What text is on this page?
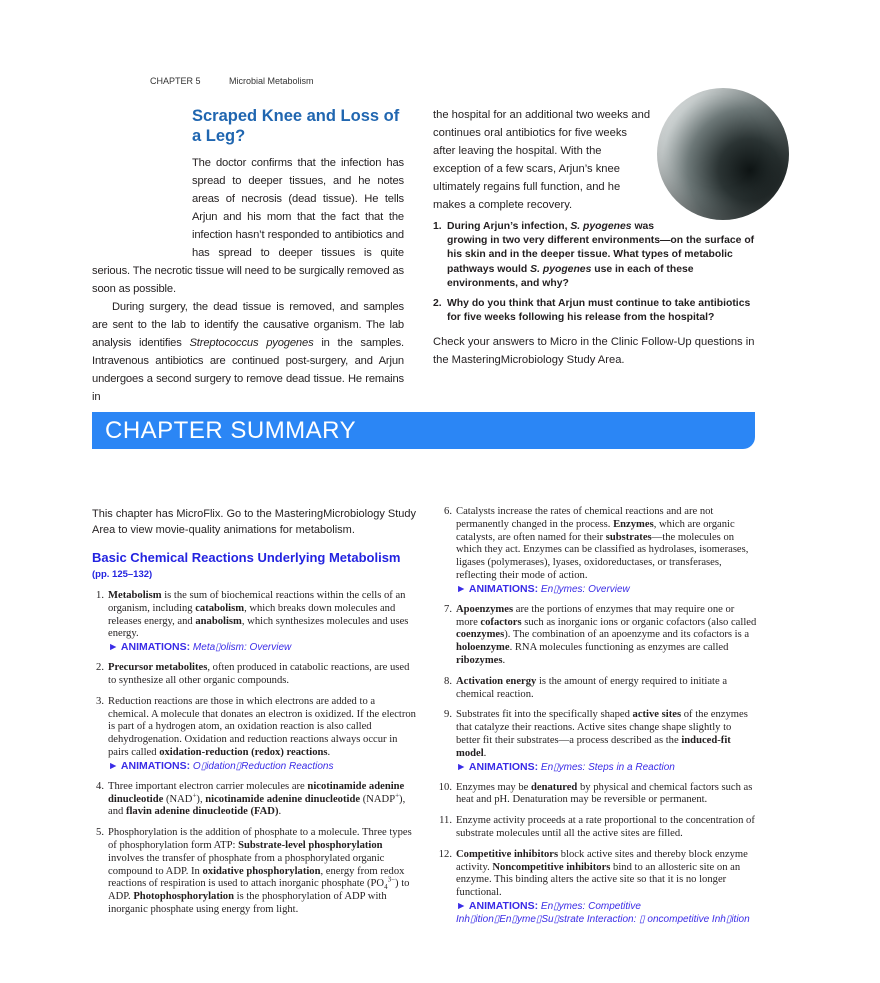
CHAPTER 5	Microbial Metabolism
Scraped Knee and Loss of a Leg?

The doctor confirms that the infection has spread to deeper tissues, and he notes areas of necrosis (dead tissue). He tells Arjun and his mom that the fact that the infection hasn’t responded to antibiotics and has spread to deeper tissues is quite serious. The necrotic tissue will need to be surgically removed as soon as possible.

During surgery, the dead tissue is removed, and samples are sent to the lab to identify the causative organism. The lab analysis identifies Streptococcus pyogenes in the samples. Intravenous antibiotics are continued post-surgery, and Arjun undergoes a second surgery to remove dead tissue. He remains in

the hospital for an additional two weeks and continues oral antibiotics for five weeks after leaving the hospital. With the exception of a few scars, Arjun’s knee ultimately regains full function, and he makes a complete recovery.

1. During Arjun’s infection, S. pyogenes was growing in two very different environments—on the surface of his skin and in the deeper tissue. What types of metabolic pathways would S. pyogenes use in each of these environments, and why?
2. Why do you think that Arjun must continue to take antibiotics for five weeks following his release from the hospital?

Check your answers to Micro in the Clinic Follow-Up questions in the MasteringMicrobiology Study Area.

CHAPTER SUMMARY

This chapter has MicroFlix. Go to the MasteringMicrobiology Study Area to view movie-quality animations for metabolism.

Basic Chemical Reactions Underlying Metabolism (pp. 125–132)
1. Metabolism is the sum of biochemical reactions within the cells of an organism, including catabolism, which breaks down molecules and releases energy, and anabolism, which synthesizes molecules and uses energy.
► ANIMATIONS: Meta▯olism: Overview
2. Precursor metabolites, often produced in catabolic reactions, are used to synthesize all other organic compounds.
3. Reduction reactions are those in which electrons are added to a chemical. A molecule that donates an electron is oxidized. If the electron is part of a hydrogen atom, an oxidation reaction is also called dehydrogenation. Oxidation and reduction reactions always occur in pairs called oxidation-reduction (redox) reactions.
► ANIMATIONS: O▯idation▯Reduction Reactions
4. Three important electron carrier molecules are nicotinamide adenine dinucleotide (NAD+), nicotinamide adenine dinucleotide (NADP+), and flavin adenine dinucleotide (FAD).
5. Phosphorylation is the addition of phosphate to a molecule. Three types of phosphorylation form ATP: Substrate-level phosphorylation involves the transfer of phosphate from a phosphorylated organic compound to ADP. In oxidative phosphorylation, energy from redox reactions of respiration is used to attach inorganic phosphate $(PO_4^{3-})$ to ADP. Photophosphorylation is the phosphorylation of ADP with inorganic phosphate using energy from light.
6. Catalysts increase the rates of chemical reactions and are not permanently changed in the process. Enzymes, which are organic catalysts, are often named for their substrates—the molecules on which they act. Enzymes can be classified as hydrolases, isomerases, ligases (polymerases), lyases, oxidoreductases, or transferases, reflecting their mode of action.
► ANIMATIONS: En▯ymes: Overview
7. Apoenzymes are the portions of enzymes that may require one or more cofactors such as inorganic ions or organic cofactors (also called coenzymes). The combination of an apoenzyme and its cofactors is a holoenzyme. RNA molecules functioning as enzymes are called ribozymes.
8. Activation energy is the amount of energy required to initiate a chemical reaction.
9. Substrates fit into the specifically shaped active sites of the enzymes that catalyze their reactions. Active sites change shape slightly to better fit their substrates—a process described as the induced-fit model.
► ANIMATIONS: En▯ymes: Steps in a Reaction
10. Enzymes may be denatured by physical and chemical factors such as heat and pH. Denaturation may be reversible or permanent.
11. Enzyme activity proceeds at a rate proportional to the concentration of substrate molecules until all the active sites are filled.
12. Competitive inhibitors block active sites and thereby block enzyme activity. Noncompetitive inhibitors bind to an allosteric site on an enzyme. This binding alters the active site so that it is no longer functional.
► ANIMATIONS: En▯ymes: Competitive Inh▯ition▯En▯yme▯Su▯strate Interaction: ▯ oncompetitive Inh▯ition
